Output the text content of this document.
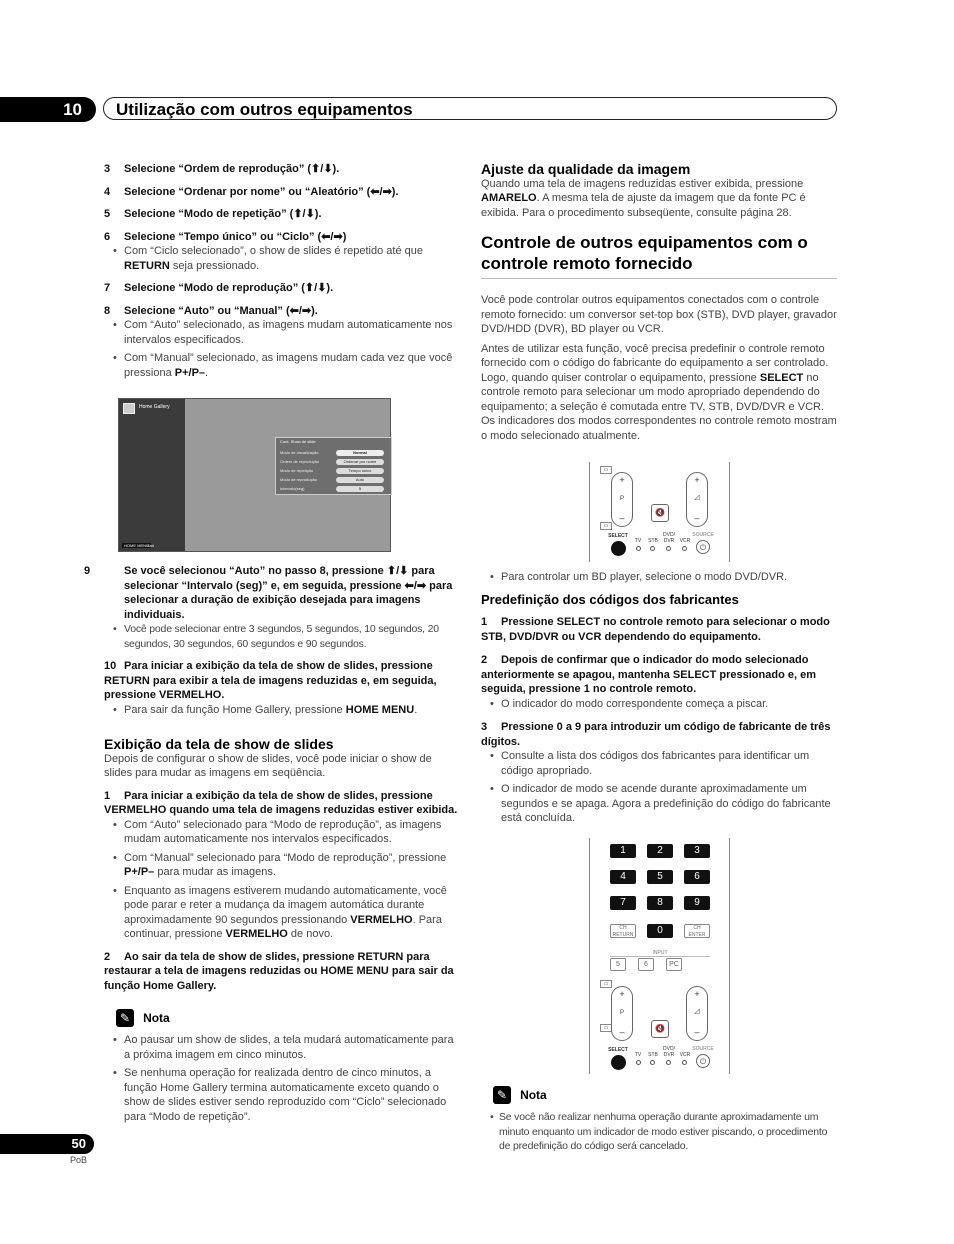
10	Utilização com outros equipamentos
3 Selecione “Ordem de reprodução” (⬆/⬇).
4 Selecione “Ordenar por nome” ou “Aleatório” (⬅/➡).
5 Selecione “Modo de repetição” (⬆/⬇).
6 Selecione “Tempo único” ou “Ciclo” (⬅/➡)
• Com “Ciclo selecionado”, o show de slides é repetido até que RETURN seja pressionado.
7 Selecione “Modo de reprodução” (⬆/⬇).
8 Selecione “Auto” ou “Manual” (⬅/➡).
• Com “Auto” selecionado, as imagens mudam automaticamente nos intervalos especificados.
• Com “Manual” selecionado, as imagens mudam cada vez que você pressiona P+/P–.
Home Gallery
HOME MENU
Sair
Cont. Show de slide
Modo de visualização	Normal
Ordem de reprodução	Ordenar por nome
Modo de repetição	Tempo único
Modo de reprodução	Auto
Intervalo(seg)	5
9	Se você selecionou “Auto” no passo 8, pressione ⬆/⬇ para selecionar “Intervalo (seg)” e, em seguida, pressione ⬅/➡ para selecionar a duração de exibição desejada para imagens individuais.
• Você pode selecionar entre 3 segundos, 5 segundos, 10 segundos, 20 segundos, 30 segundos, 60 segundos e 90 segundos.
10 Para iniciar a exibição da tela de show de slides, pressione RETURN para exibir a tela de imagens reduzidas e, em seguida, pressione VERMELHO.
• Para sair da função Home Gallery, pressione HOME MENU.
Exibição da tela de show de slides
Depois de configurar o show de slides, você pode iniciar o show de slides para mudar as imagens em seqüência.
1 Para iniciar a exibição da tela de show de slides, pressione VERMELHO quando uma tela de imagens reduzidas estiver exibida.
• Com “Auto” selecionado para “Modo de reprodução”, as imagens mudam automaticamente nos intervalos especificados.
• Com “Manual” selecionado para “Modo de reprodução”, pressione P+/P– para mudar as imagens.
• Enquanto as imagens estiverem mudando automaticamente, você pode parar e reter a mudança da imagem automática durante aproximadamente 90 segundos pressionando VERMELHO. Para continuar, pressione VERMELHO de novo.
2 Ao sair da tela de show de slides, pressione RETURN para restaurar a tela de imagens reduzidas ou HOME MENU para sair da função Home Gallery.
✎ Nota
• Ao pausar um show de slides, a tela mudará automaticamente para a próxima imagem em cinco minutos.
• Se nenhuma operação for realizada dentro de cinco minutos, a função Home Gallery termina automaticamente exceto quando o show de slides estiver sendo reproduzido com “Ciclo” selecionado para “Modo de repetição”.
Ajuste da qualidade da imagem
Quando uma tela de imagens reduzidas estiver exibida, pressione AMARELO. A mesma tela de ajuste da imagem que da fonte PC é exibida. Para o procedimento subseqüente, consulte página 28.
Controle de outros equipamentos com o controle remoto fornecido
Você pode controlar outros equipamentos conectados com o controle remoto fornecido: um conversor set-top box (STB), DVD player, gravador DVD/HDD (DVR), BD player ou VCR.
Antes de utilizar esta função, você precisa predefinir o controle remoto fornecido com o código do fabricante do equipamento a ser controlado. Logo, quando quiser controlar o equipamento, pressione SELECT no controle remoto para selecionar um modo apropriado dependendo do equipamento; a seleção é comutada entre TV, STB, DVD/DVR e VCR. Os indicadores dos modos correspondentes no controle remoto mostram o modo selecionado atualmente.
▭
▭
+
P
–
🔇
+
◿
–
SELECT
TV	STB
DVD/
DVR	VCR
SOURCE
⏻
• Para controlar um BD player, selecione o modo DVD/DVR.
Predefinição dos códigos dos fabricantes
1 Pressione SELECT no controle remoto para selecionar o modo STB, DVD/DVR ou VCR dependendo do equipamento.
2 Depois de confirmar que o indicador do modo selecionado anteriormente se apagou, mantenha SELECT pressionado e, em seguida, pressione 1 no controle remoto.
• O indicador do modo correspondente começa a piscar.
3 Pressione 0 a 9 para introduzir um código de fabricante de três dígitos.
• Consulte a lista dos códigos dos fabricantes para identificar um código apropriado.
• O indicador de modo se acende durante aproximadamente um segundos e se apaga. Agora a predefinição do código do fabricante está concluída.
1	2	3
4	5	6
7	8	9
CH
RETURN	0	CH
ENTER
INPUT
5	6	PC
▭
▭
+
P
–	🔇
+
◿
–
SELECT
TV	STB
DVD/
DVR	VCR
SOURCE
⏻
✎ Nota
• Se você não realizar nenhuma operação durante aproximadamente um minuto enquanto um indicador de modo estiver piscando, o procedimento de predefinição do código será cancelado.
50
PoB
